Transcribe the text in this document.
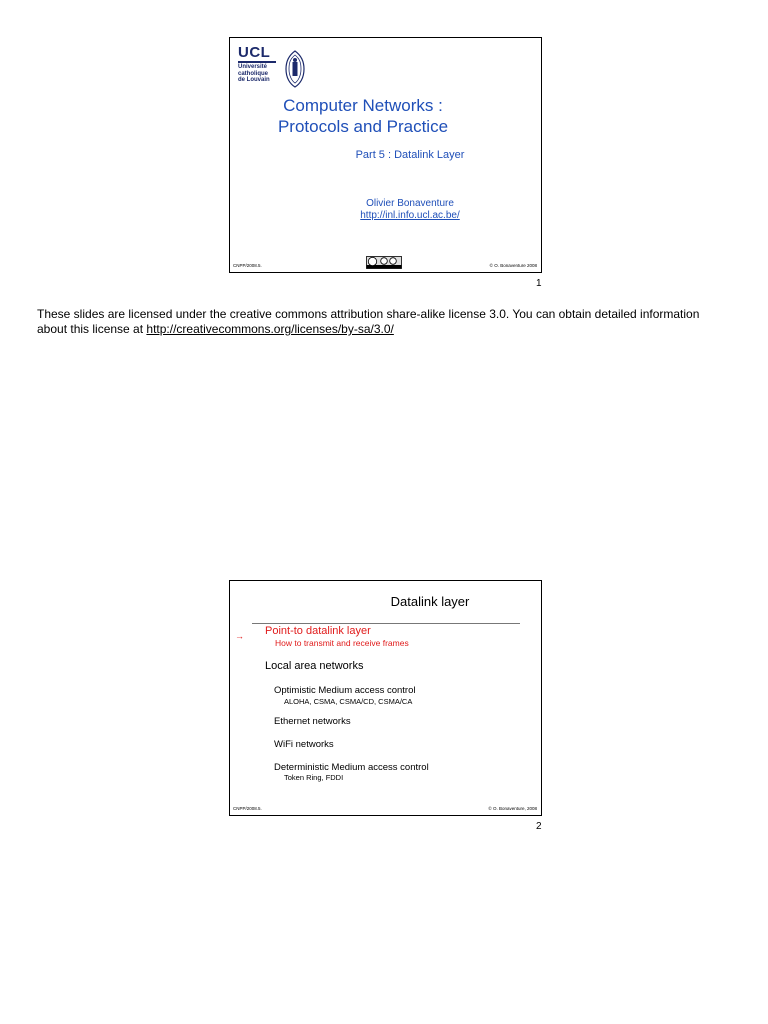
UCL
Université
catholique
de Louvain
Computer Networks :
Protocols and Practice
Part 5 : Datalink Layer
Olivier Bonaventure
http://inl.info.ucl.ac.be/
CNPP/2008.5.	© O. Bonaventure 2008
1
These slides are licensed under the creative commons attribution share-alike license 3.0. You can obtain detailed information
about this license at http://creativecommons.org/licenses/by-sa/3.0/
Datalink layer
→ Point-to datalink layer
How to transmit and receive frames
Local area networks
Optimistic Medium access control
ALOHA, CSMA, CSMA/CD, CSMA/CA
Ethernet networks
WiFi networks
Deterministic Medium access control
Token Ring, FDDI
CNPP/2008.5.	© O. Bonaventure, 2008
2
